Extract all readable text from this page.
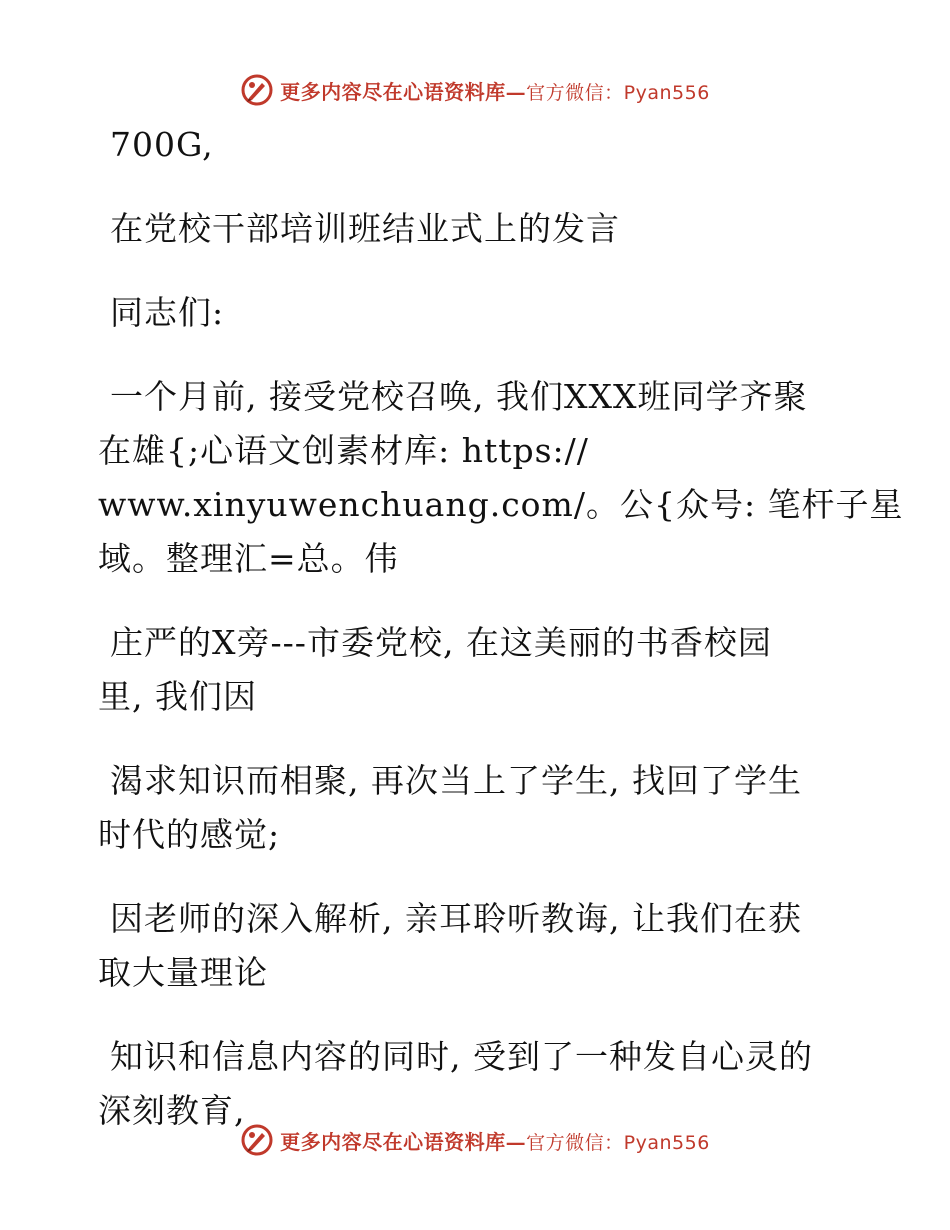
更多内容尽在心语资料库—官方微信：Pyan556
700G,
在党校干部培训班结业式上的发言
同志们:
一个月前, 接受党校召唤, 我们XXX班同学齐聚
在雄{;心语文创素材库: https://
www.xinyuwenchuang.com/。公{众号: 笔杆子星
域。整理汇=总。伟
庄严的X旁---市委党校, 在这美丽的书香校园
里, 我们因
渴求知识而相聚, 再次当上了学生, 找回了学生
时代的感觉;
因老师的深入解析, 亲耳聆听教诲, 让我们在获
取大量理论
知识和信息内容的同时, 受到了一种发自心灵的
深刻教育,
更多内容尽在心语资料库—官方微信：Pyan556
